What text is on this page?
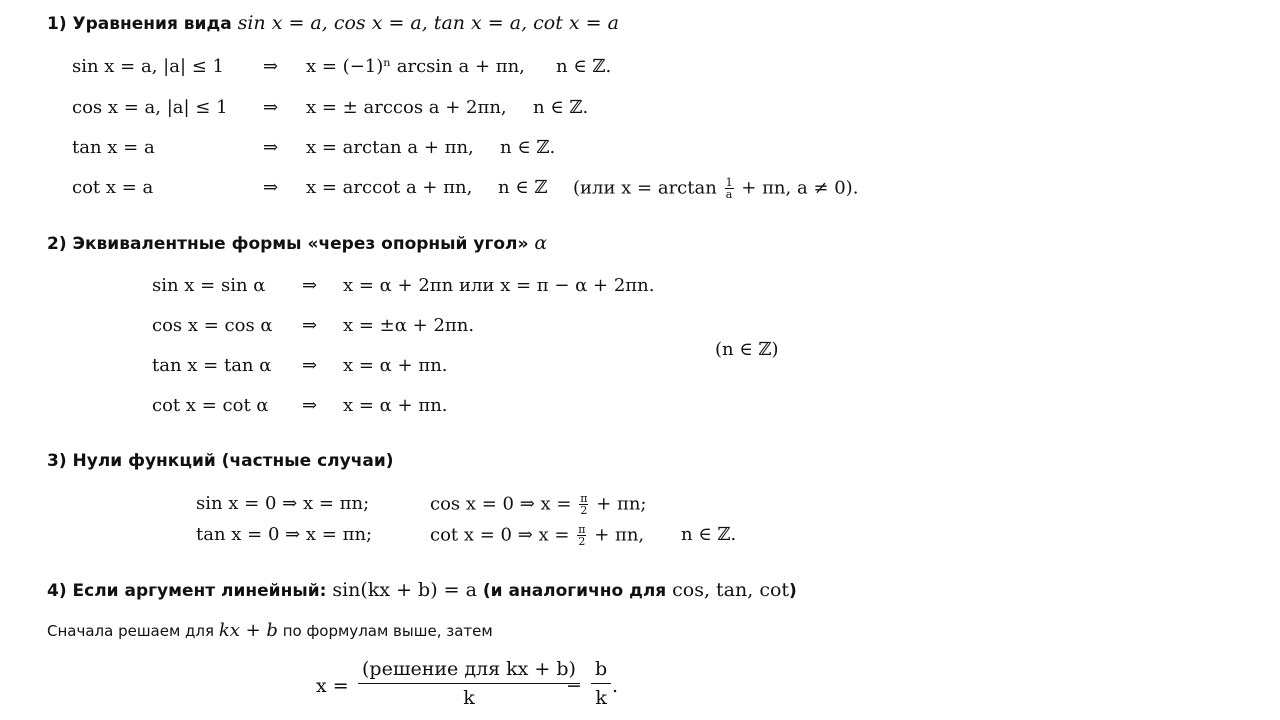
1) Уравнения вида sin x = a, cos x = a, tan x = a, cot x = a
sin x = a, |a| ≤ 1 ⇒ x = (−1)ⁿ arcsin a + πn, n ∈ ℤ.
cos x = a, |a| ≤ 1 ⇒ x = ± arccos a + 2πn, n ∈ ℤ.
tan x = a	⇒ x = arctan a + πn, n ∈ ℤ.
cot x = a	⇒ x = arccot a + πn, n ∈ ℤ (или $x = \arctan \frac{1}{a} + \pi n$, a ≠ 0).
2) Эквивалентные формы «через опорный угол» α
sin x = sin α ⇒ x = α + 2πn или x = π − α + 2πn.
cos x = cos α ⇒ x = ±α + 2πn.
tan x = tan α ⇒ x = α + πn.
cot x = cot α ⇒ x = α + πn.
(n ∈ ℤ)
3) Нули функций (частные случаи)
sin x = 0 ⇒ x = πn;	cos x = 0 ⇒ $x = \frac{\pi}{2} + \pi n$;
tan x = 0 ⇒ x = πn;	cot x = 0 ⇒ $x = \frac{\pi}{2} + \pi n$, n ∈ ℤ.
4) Если аргумент линейный: sin(kx + b) = a (и аналогично для cos, tan, cot)
Сначала решаем для kx + b по формулам выше, затем
x =
(решение для kx + b)
k
− $\frac{b}{k}$ .
